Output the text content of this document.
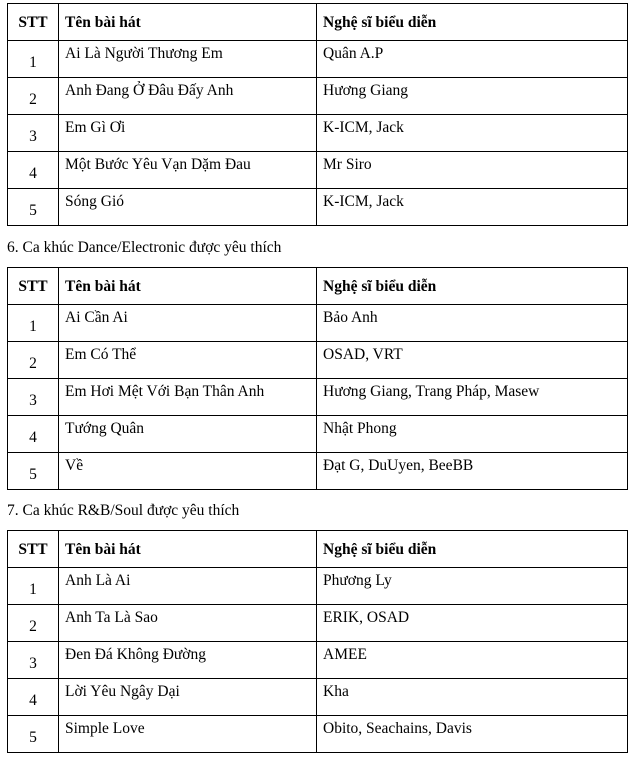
STT	Tên bài hát	Nghệ sĩ biểu diễn
1	Ai Là Người Thương Em	Quân A.P
2	Anh Đang Ở Đâu Đấy Anh	Hương Giang
3	Em Gì Ơi	K-ICM, Jack
4	Một Bước Yêu Vạn Dặm Đau	Mr Siro
5	Sóng Gió	K-ICM, Jack
6. Ca khúc Dance/Electronic được yêu thích
STT	Tên bài hát	Nghệ sĩ biểu diễn
1	Ai Cần Ai	Bảo Anh
2	Em Có Thể	OSAD, VRT
3	Em Hơi Mệt Với Bạn Thân Anh	Hương Giang, Trang Pháp, Masew
4	Tướng Quân	Nhật Phong
5	Về	Đạt G, DuUyen, BeeBB
7. Ca khúc R&B/Soul được yêu thích
STT	Tên bài hát	Nghệ sĩ biểu diễn
1	Anh Là Ai	Phương Ly
2	Anh Ta Là Sao	ERIK, OSAD
3	Đen Đá Không Đường	AMEE
4	Lời Yêu Ngây Dại	Kha
5	Simple Love	Obito, Seachains, Davis
